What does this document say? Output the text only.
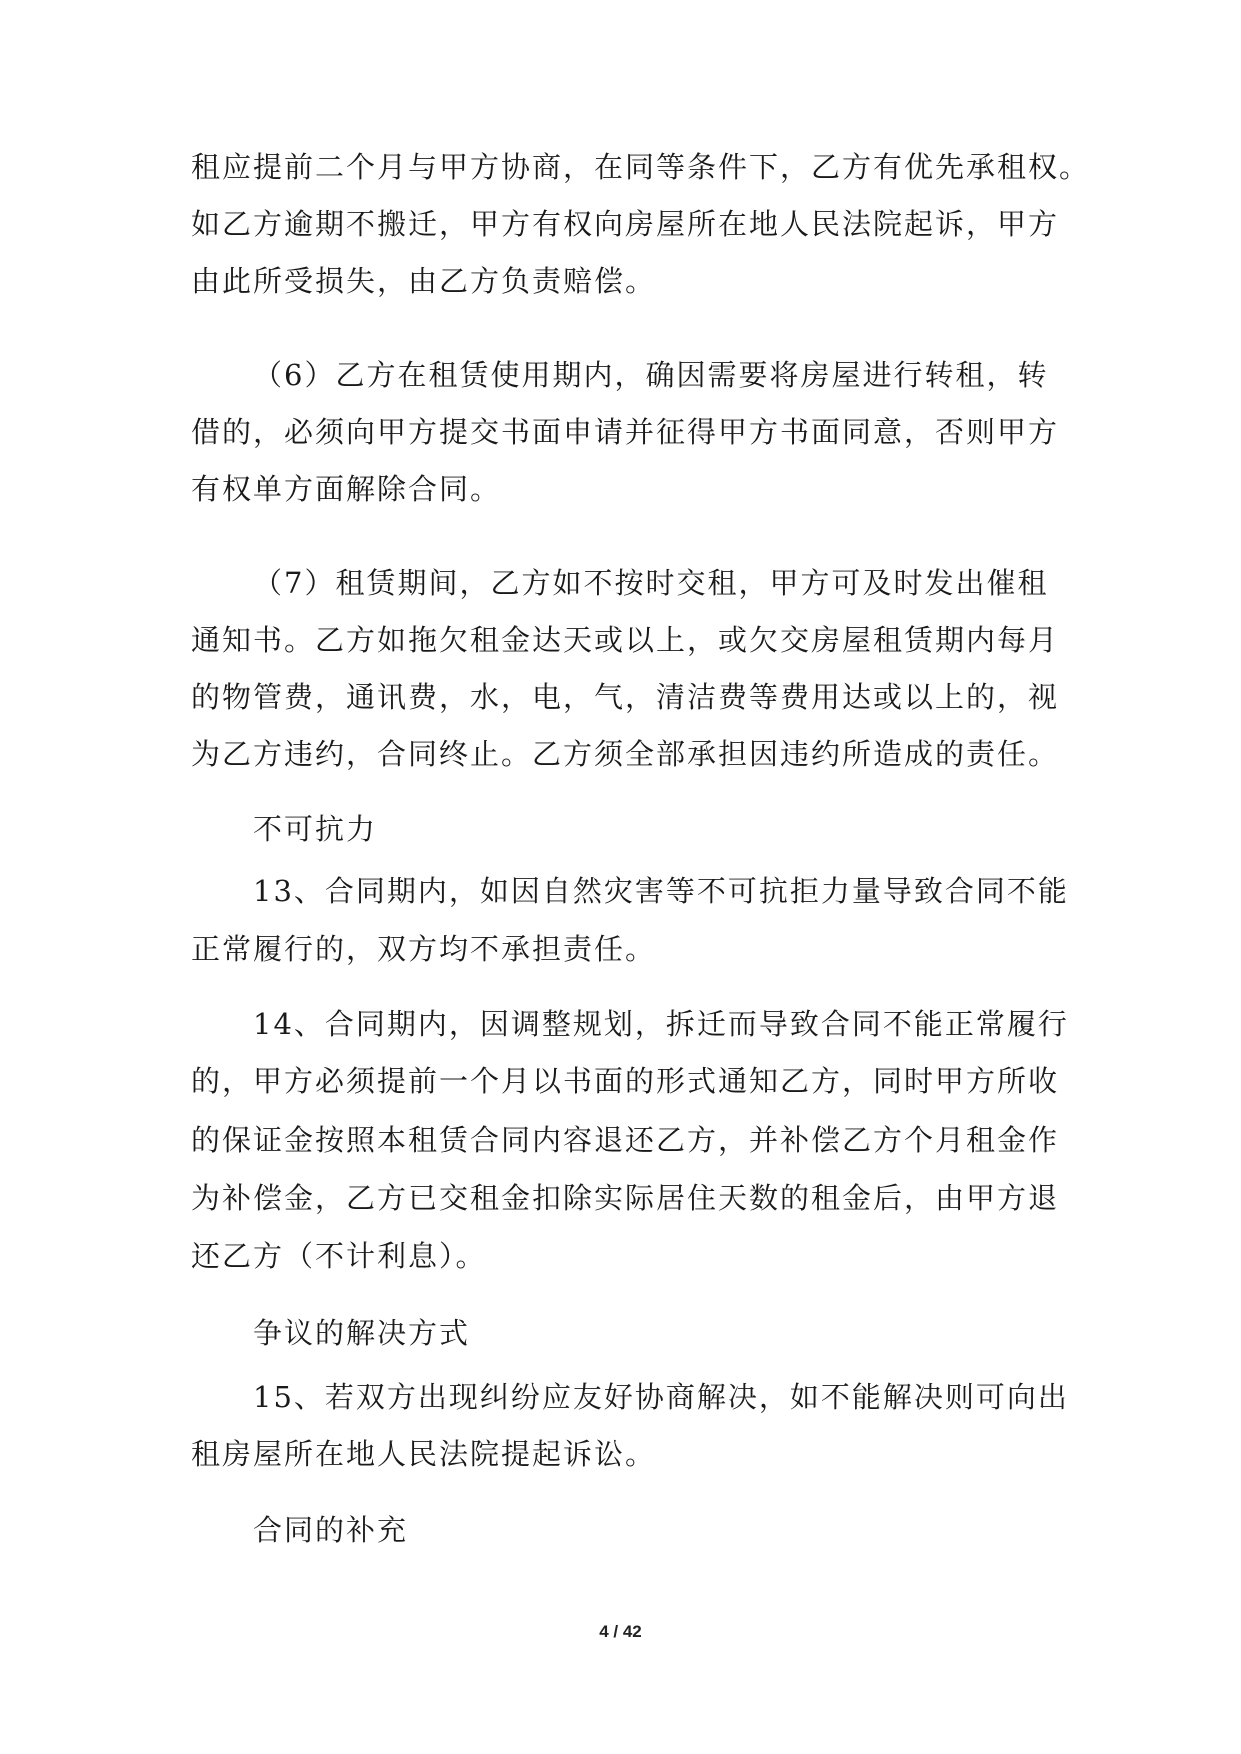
租应提前二个月与甲方协商，在同等条件下，乙方有优先承租权。
如乙方逾期不搬迁，甲方有权向房屋所在地人民法院起诉，甲方
由此所受损失，由乙方负责赔偿。
（6）乙方在租赁使用期内，确因需要将房屋进行转租，转
借的，必须向甲方提交书面申请并征得甲方书面同意，否则甲方
有权单方面解除合同。
（7）租赁期间，乙方如不按时交租，甲方可及时发出催租
通知书。乙方如拖欠租金达天或以上，或欠交房屋租赁期内每月
的物管费，通讯费，水，电，气，清洁费等费用达或以上的，视
为乙方违约，合同终止。乙方须全部承担因违约所造成的责任。
不可抗力
13、合同期内，如因自然灾害等不可抗拒力量导致合同不能
正常履行的，双方均不承担责任。
14、合同期内，因调整规划，拆迁而导致合同不能正常履行
的，甲方必须提前一个月以书面的形式通知乙方，同时甲方所收
的保证金按照本租赁合同内容退还乙方，并补偿乙方个月租金作
为补偿金，乙方已交租金扣除实际居住天数的租金后，由甲方退
还乙方（不计利息）。
争议的解决方式
15、若双方出现纠纷应友好协商解决，如不能解决则可向出
租房屋所在地人民法院提起诉讼。
合同的补充
4 / 42
